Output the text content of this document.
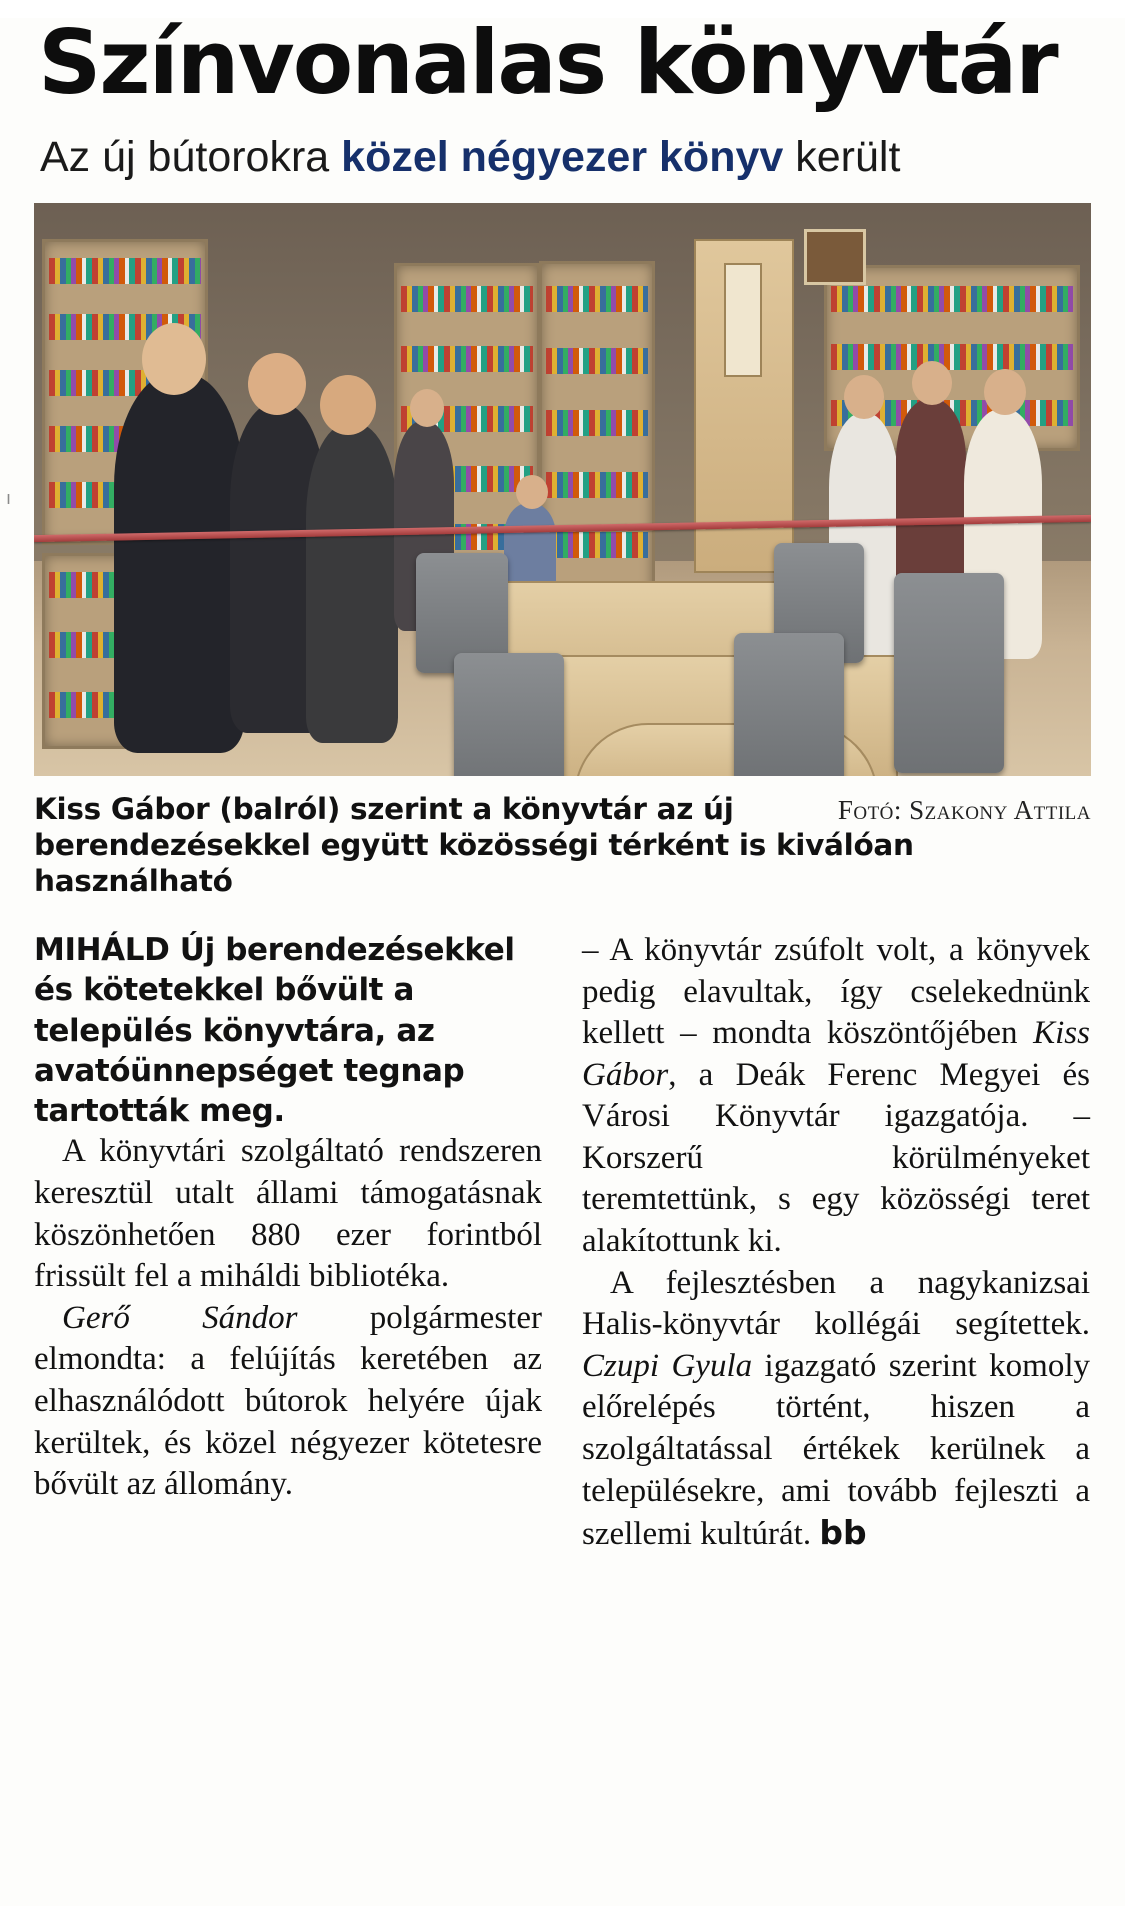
Színvonalas könyvtár
Az új bútorokra közel négyezer könyv került
Fotó: Szakony Attila
Kiss Gábor (balról) szerint a könyvtár az új berendezésekkel együtt közösségi térként is kiválóan használható

MIHÁLD Új berendezésekkel és kötetekkel bővült a település könyvtára, az avatóünnepséget tegnap tartották meg.

A könyvtári szolgáltató rendszeren keresztül utalt állami támogatásnak köszönhetően 880 ezer forintból frissült fel a miháldi bibliotéka.

Gerő Sándor polgármester elmondta: a felújítás keretében az elhasználódott bútorok helyére újak kerültek, és közel négyezer kötetesre bővült az állomány.

– A könyvtár zsúfolt volt, a könyvek pedig elavultak, így cselekednünk kellett – mondta köszöntőjében Kiss Gábor, a Deák Ferenc Megyei és Városi Könyvtár igazgatója. – Korszerű körülményeket teremtettünk, s egy közösségi teret alakítottunk ki.

A fejlesztésben a nagykanizsai Halis-könyvtár kollégái segítettek. Czupi Gyula igazgató szerint komoly előrelépés történt, hiszen a szolgáltatással értékek kerülnek a településekre, ami tovább fejleszti a szellemi kultúrát. bb

ı
